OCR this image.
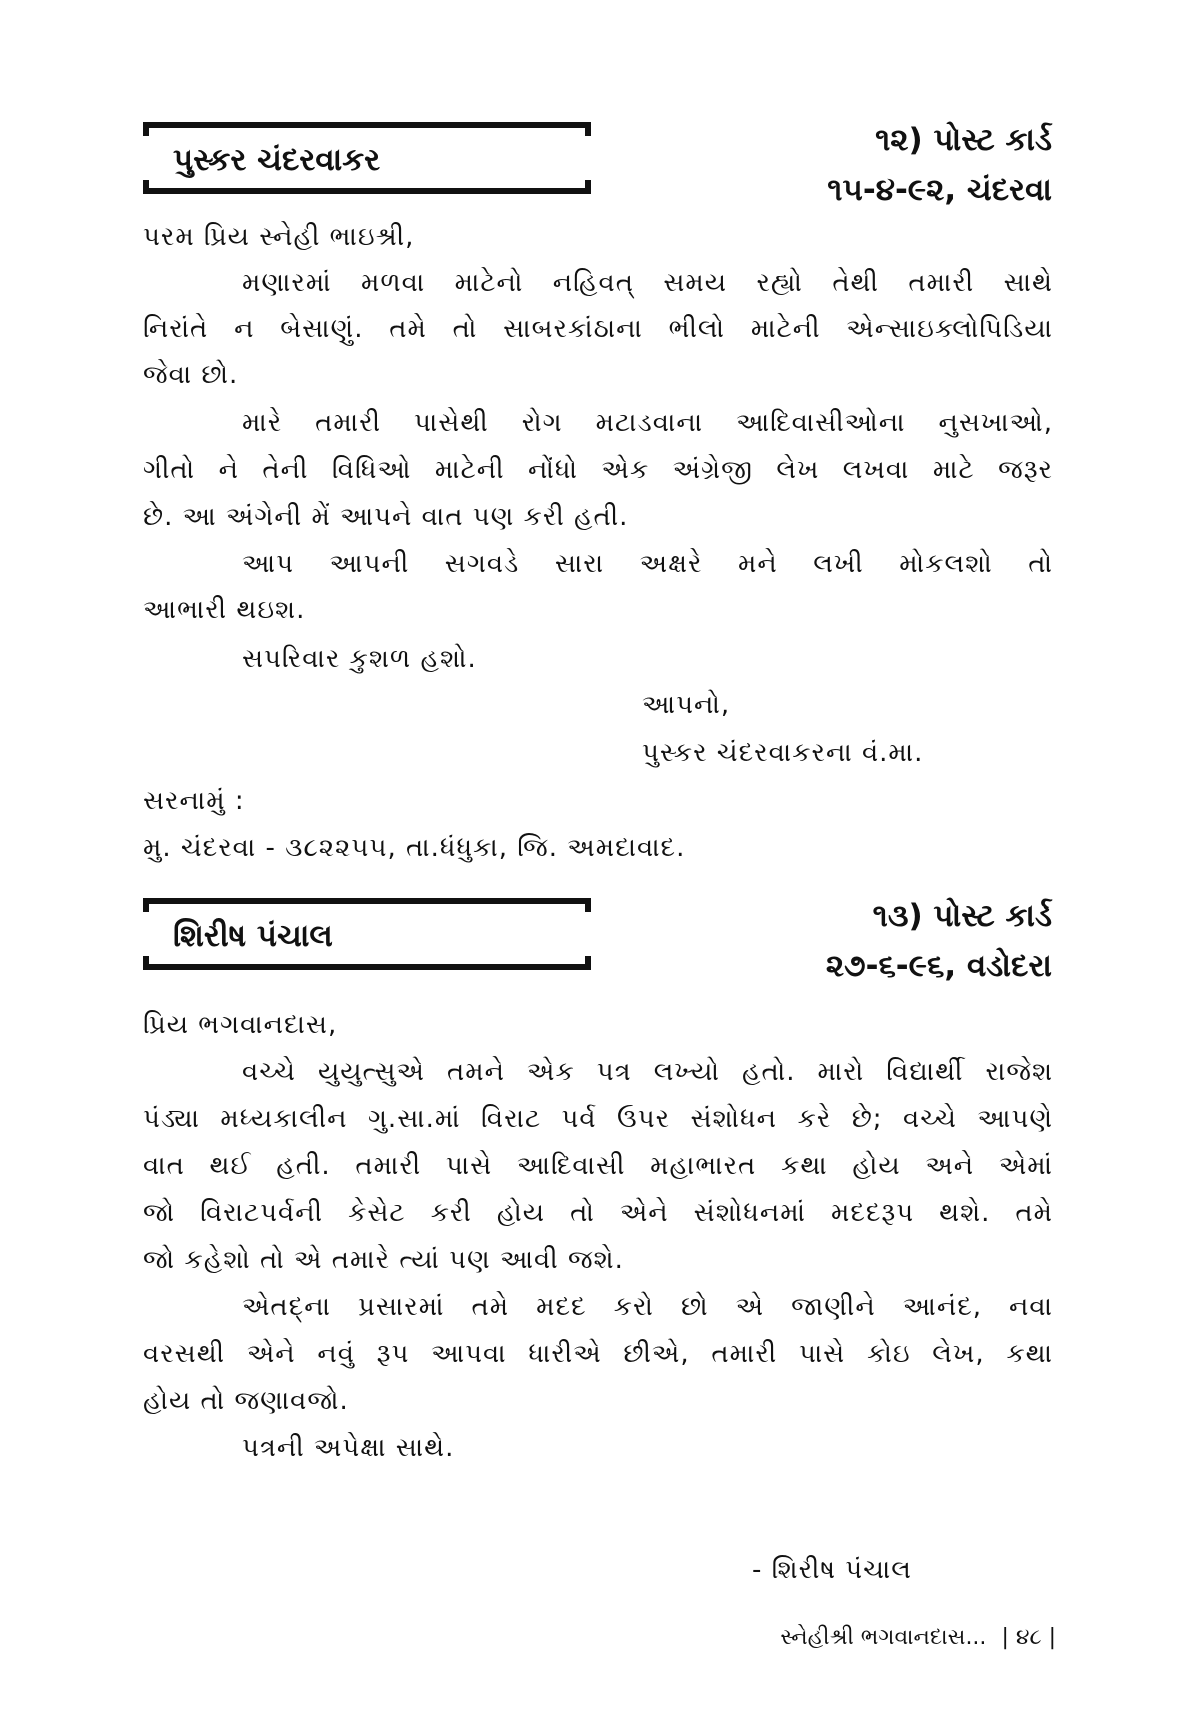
પુસ્કર ચંદરવાકર
૧૨) પોસ્ટ કાર્ડ
૧૫-૪-૯૨, ચંદરવા
પરમ પ્રિય સ્નેહી ભાઇશ્રી,
મણારમાં મળવા માટેનો નહિવત્ સમય રહ્યો તેથી તમારી સાથે
નિરાંતે ન બેસાણું. તમે તો સાબરકાંઠાના ભીલો માટેની એન્સાઇક્લોપિડિયા
જેવા છો.
મારે તમારી પાસેથી રોગ મટાડવાના આદિવાસીઓના નુસખાઓ,
ગીતો ને તેની વિધિઓ માટેની નોંધો એક અંગ્રેજી લેખ લખવા માટે જરૂર
છે. આ અંગેની મેં આપને વાત પણ કરી હતી.
આપ આપની સગવડે સારા અક્ષરે મને લખી મોકલશો તો
આભારી થઇશ.
સપરિવાર કુશળ હશો.
આપનો,
પુસ્કર ચંદરવાકરના વં.મા.
સરનામું :
મુ. ચંદરવા - ૩૮૨૨૫૫, તા.ધંધુકા, જિ. અમદાવાદ.
શિરીષ પંચાલ
૧૩) પોસ્ટ કાર્ડ
૨૭-૬-૯૬, વડોદરા
પ્રિય ભગવાનદાસ,
વચ્ચે યુયુત્સુએ તમને એક પત્ર લખ્યો હતો. મારો વિદ્યાર્થી રાજેશ
પંડ્યા મધ્યકાલીન ગુ.સા.માં વિરાટ પર્વ ઉપર સંશોધન કરે છે; વચ્ચે આપણે
વાત થઈ હતી. તમારી પાસે આદિવાસી મહાભારત કથા હોય અને એમાં
જો વિરાટપર્વની કેસેટ કરી હોય તો એને સંશોધનમાં મદદરૂપ થશે. તમે
જો કહેશો તો એ તમારે ત્યાં પણ આવી જશે.
એતદ્ના પ્રસારમાં તમે મદદ કરો છો એ જાણીને આનંદ, નવા
વરસથી એને નવું રૂપ આપવા ધારીએ છીએ, તમારી પાસે કોઇ લેખ, કથા
હોય તો જણાવજો.
પત્રની અપેક્ષા સાથે.
- શિરીષ પંચાલ
સ્નેહીશ્રી ભગવાનદાસ... | ૪૮ |
